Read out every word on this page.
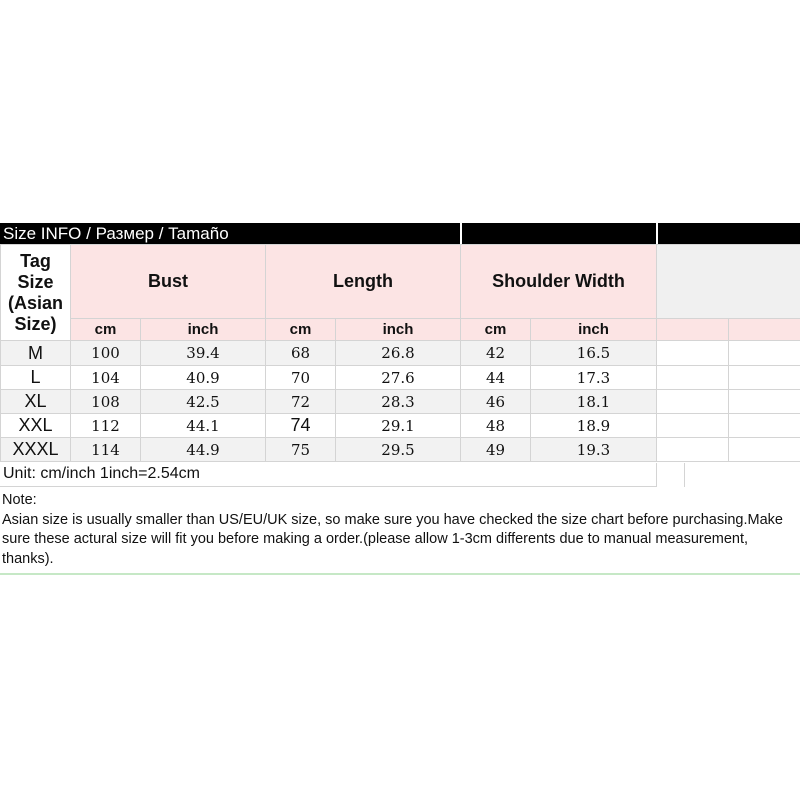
Size INFO / Размер / Tamaño
Tag Size (Asian Size)	Bust		Length		Shoulder Width			
	cm	inch	cm	inch	cm	inch		
M	100	39.4	68	26.8	42	16.5		
L	104	40.9	70	27.6	44	17.3		
XL	108	42.5	72	28.3	46	18.1		
XXL	112	44.1	74	29.1	48	18.9		
XXXL	114	44.9	75	29.5	49	19.3		
Unit: cm/inch 1inch=2.54cm

Note:

Asian size is usually smaller than US/EU/UK size, so make sure you have checked the size chart before purchasing.Make sure these actural size will fit you before making a order.(please allow 1-3cm differents due to manual measurement, thanks).
